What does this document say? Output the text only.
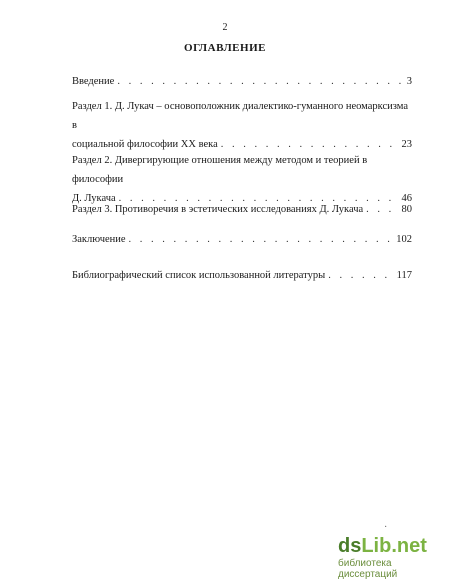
2
ОГЛАВЛЕНИЕ
Введение . . .	3
Раздел 1. Д. Лукач – основоположник диалектико-гуманного неомарксизма в
социальной философии XX века . . .	23
Раздел 2. Дивергирующие отношения между методом и теорией в философии
Д. Лукача . . .	46
Раздел 3. Противоречия в эстетических исследованиях Д. Лукача . . .	80
Заключение . . .	102
Библиографический список использованной литературы . . .	117
·
dsLib.net
библиотека диссертаций
